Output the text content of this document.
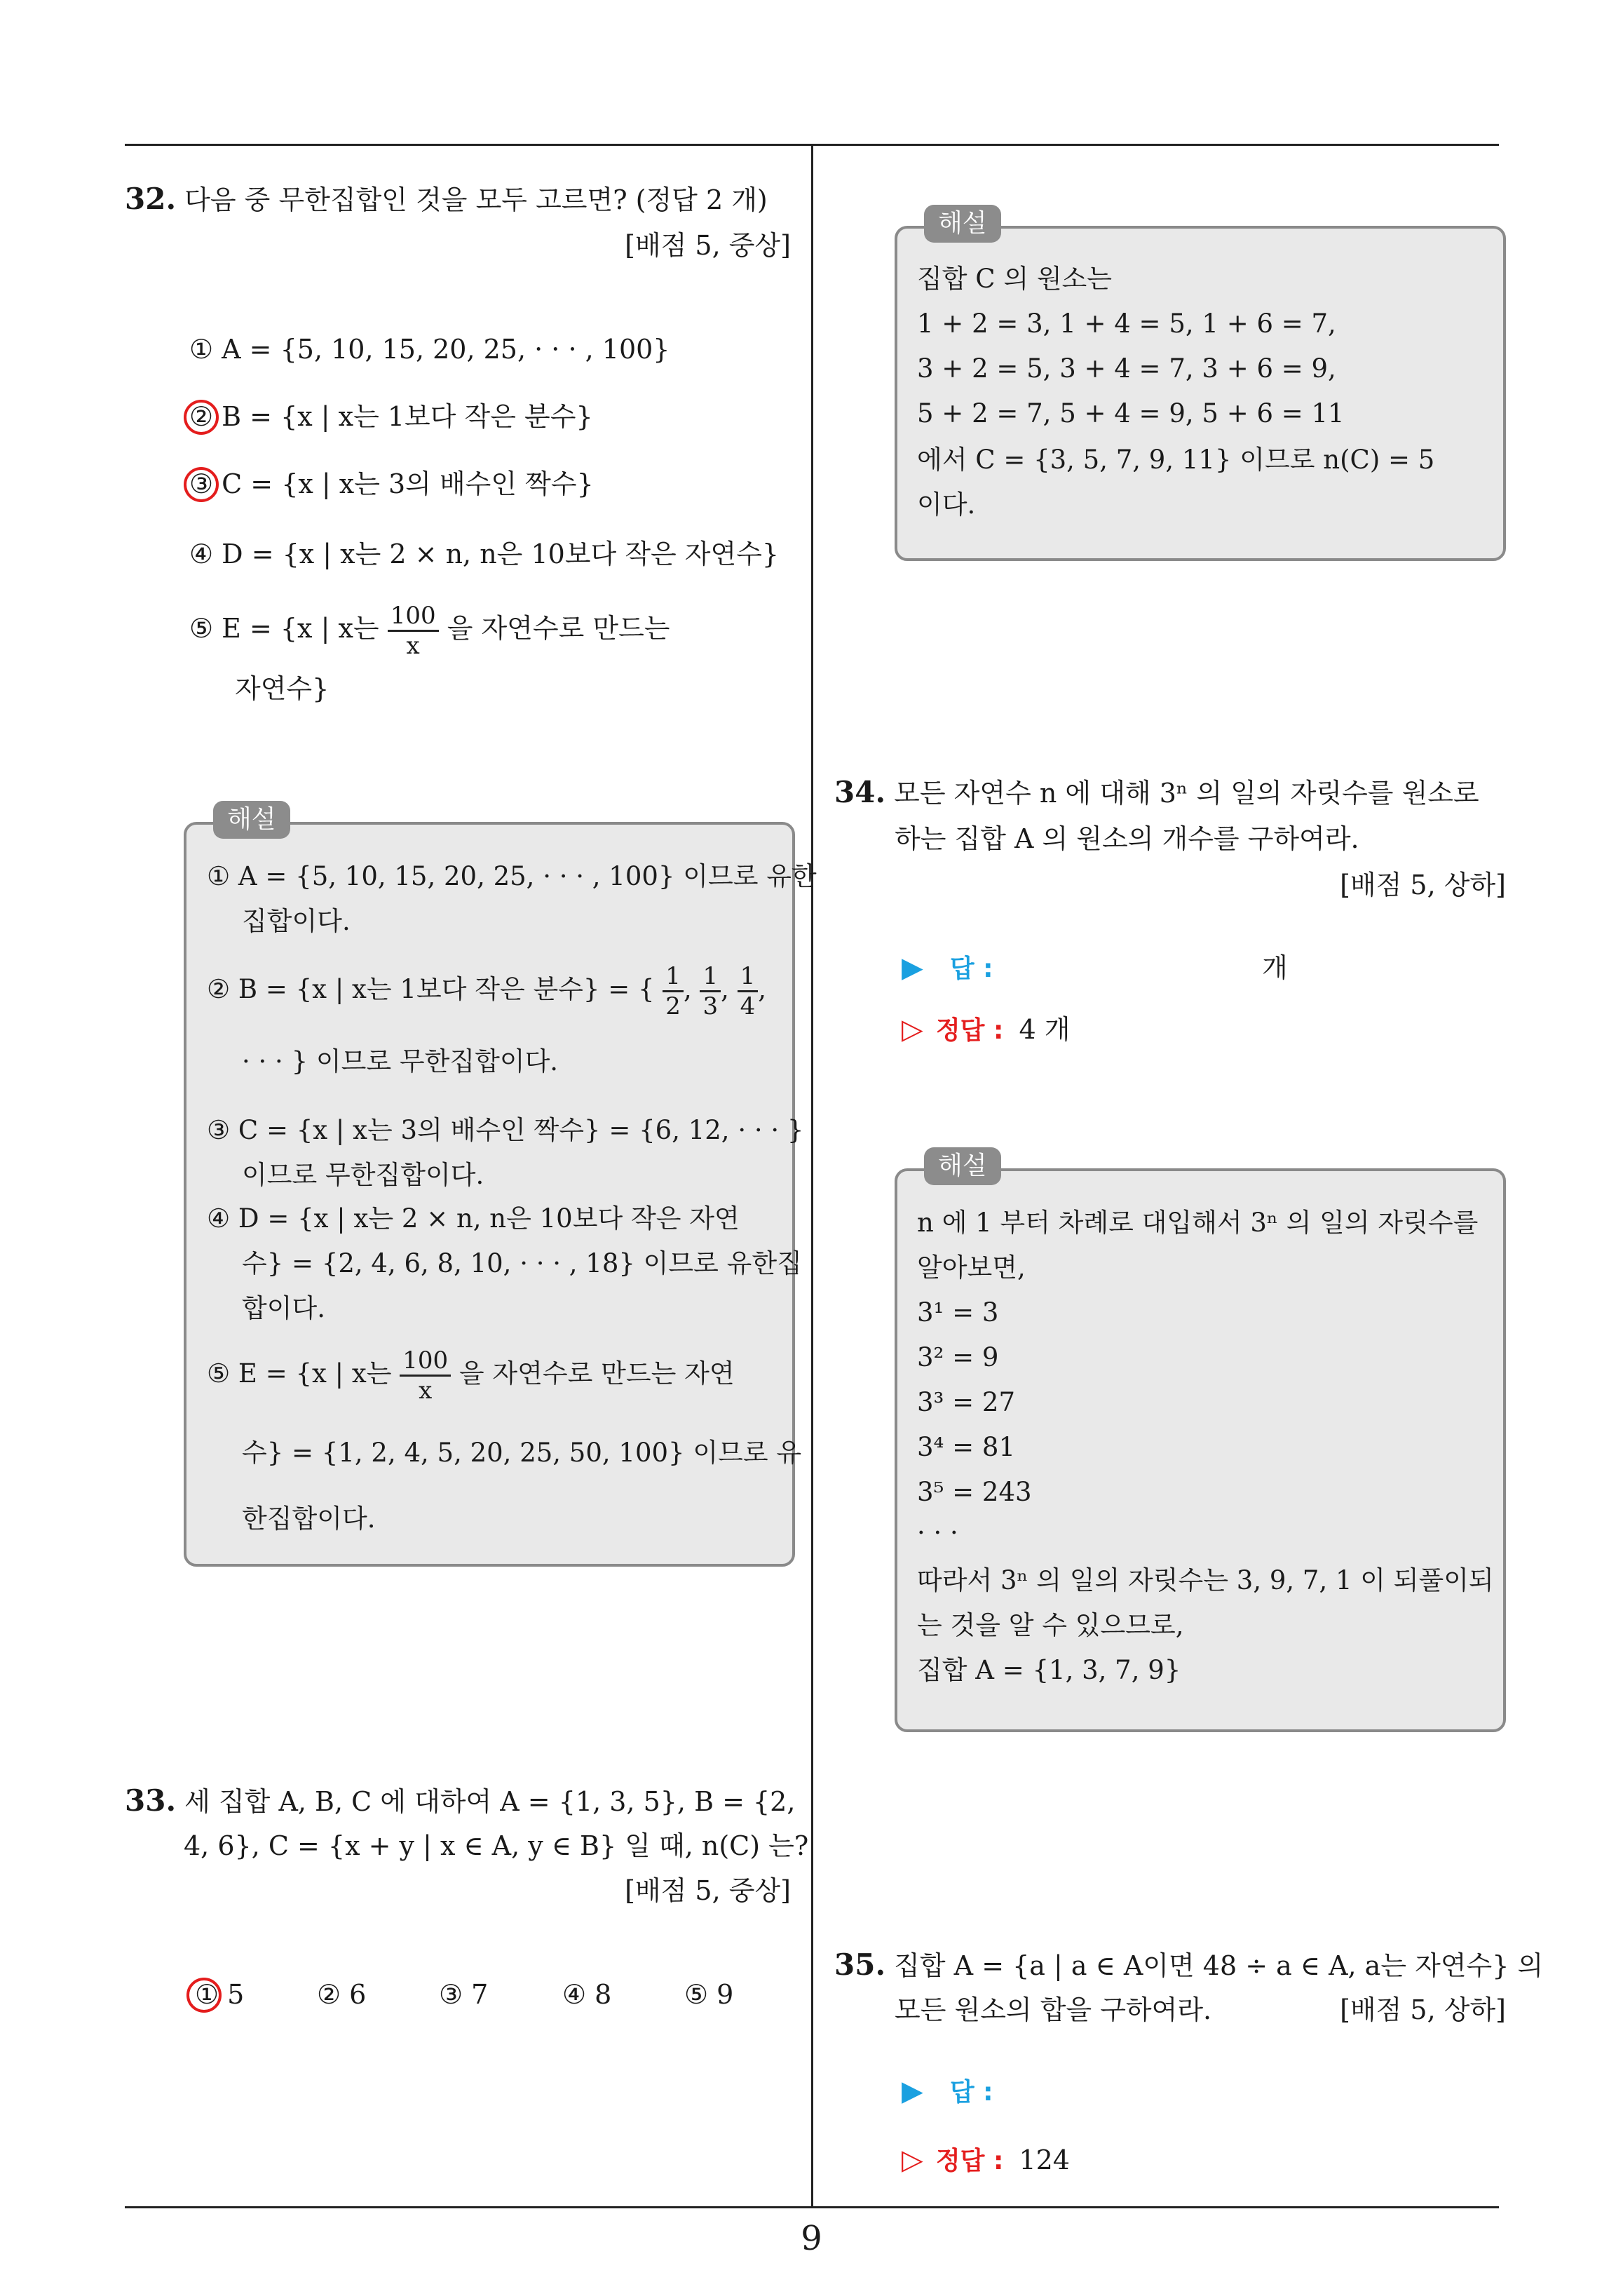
32. 다음 중 무한집합인 것을 모두 고르면? (정답 2 개)
[배점 5, 중상]
① A = {5, 10, 15, 20, 25, · · · , 100}
② B = {x | x는 1보다 작은 분수}
③ C = {x | x는 3의 배수인 짝수}
④ D = {x | x는 2 × n, n은 10보다 작은 자연수}
⑤ E = {x | x는 $\frac{100}{x}$ 을 자연수로 만드는
자연수}
해설
① A = {5, 10, 15, 20, 25, · · · , 100} 이므로 유한
집합이다.
② B = {x | x는 1보다 작은 분수} = { $\frac{1}{2}$ , $\frac{1}{3}$ , $\frac{1}{4}$ ,
· · · } 이므로 무한집합이다.
③ C = {x | x는 3의 배수인 짝수} = {6, 12, · · · }
이므로 무한집합이다.
④ D = {x | x는 2 × n, n은 10보다 작은 자연
수} = {2, 4, 6, 8, 10, · · · , 18} 이므로 유한집
합이다.
⑤ E = {x | x는 $\frac{100}{x}$ 을 자연수로 만드는 자연
수} = {1, 2, 4, 5, 20, 25, 50, 100} 이므로 유
한집합이다.
33. 세 집합 A, B, C 에 대하여 A = {1, 3, 5}, B = {2,
4, 6}, C = {x + y | x ∈ A, y ∈ B} 일 때, n(C) 는?
[배점 5, 중상]
① 5	② 6	③ 7	④ 8	⑤ 9
해설
집합 C 의 원소는
1 + 2 = 3, 1 + 4 = 5, 1 + 6 = 7,
3 + 2 = 5, 3 + 4 = 7, 3 + 6 = 9,
5 + 2 = 7, 5 + 4 = 9, 5 + 6 = 11
에서 C = {3, 5, 7, 9, 11} 이므로 n(C) = 5
이다.
34. 모든 자연수 n 에 대해 3ⁿ 의 일의 자릿수를 원소로
하는 집합 A 의 원소의 개수를 구하여라.
[배점 5, 상하]
▶ 답 :	개
▷ 정답 : 4 개
해설
n 에 1 부터 차례로 대입해서 3ⁿ 의 일의 자릿수를
알아보면,
3¹ = 3
3² = 9
3³ = 27
3⁴ = 81
3⁵ = 243
· · ·
따라서 3ⁿ 의 일의 자릿수는 3, 9, 7, 1 이 되풀이되
는 것을 알 수 있으므로,
집합 A = {1, 3, 7, 9}
35. 집합 A = {a | a ∈ A이면 48 ÷ a ∈ A, a는 자연수} 의
모든 원소의 합을 구하여라.	[배점 5, 상하]
▶ 답 :
▷ 정답 : 124
9
